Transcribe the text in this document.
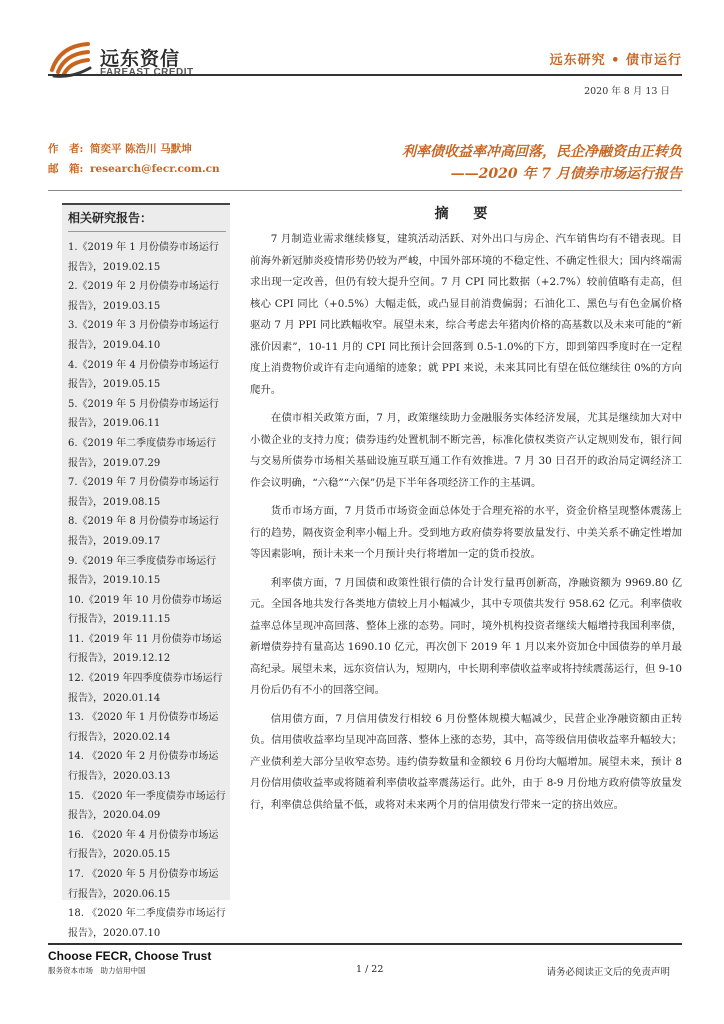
远东资信
FAREAST CREDIT
远东研究 • 债市运行
2020 年 8 月 13 日
作　者: 简奕平 陈浩川 马默坤
邮　箱: research@fecr.com.cn
利率债收益率冲高回落，民企净融资由正转负
——2020 年 7 月债券市场运行报告
相关研究报告：
1.《2019 年 1 月份债券市场运行报告》，2019.02.15
2.《2019 年 2 月份债券市场运行报告》，2019.03.15
3.《2019 年 3 月份债券市场运行报告》，2019.04.10
4.《2019 年 4 月份债券市场运行报告》，2019.05.15
5.《2019 年 5 月份债券市场运行报告》，2019.06.11
6.《2019 年二季度债券市场运行报告》，2019.07.29
7.《2019 年 7 月份债券市场运行报告》，2019.08.15
8.《2019 年 8 月份债券市场运行报告》，2019.09.17
9.《2019 年三季度债券市场运行报告》，2019.10.15
10.《2019 年 10 月份债券市场运行报告》，2019.11.15
11.《2019 年 11 月份债券市场运行报告》，2019.12.12
12.《2019 年四季度债券市场运行报告》，2020.01.14
13. 《2020 年 1 月份债券市场运行报告》，2020.02.14
14. 《2020 年 2 月份债券市场运行报告》，2020.03.13
15. 《2020 年一季度债券市场运行报告》，2020.04.09
16. 《2020 年 4 月份债券市场运行报告》，2020.05.15
17. 《2020 年 5 月份债券市场运行报告》，2020.06.15
18. 《2020 年二季度债券市场运行报告》，2020.07.10
摘 要

7 月制造业需求继续修复，建筑活动活跃、对外出口与房企、汽车销售均有不错表现。目前海外新冠肺炎疫情形势仍较为严峻，中国外部环境的不稳定性、不确定性很大；国内终端需求出现一定改善，但仍有较大提升空间。7 月 CPI 同比数据（+2.7%）较前值略有走高，但核心 CPI 同比（+0.5%）大幅走低，或凸显目前消费偏弱；石油化工、黑色与有色金属价格驱动 7 月 PPI 同比跌幅收窄。展望未来，综合考虑去年猪肉价格的高基数以及未来可能的“新涨价因素”，10-11 月的 CPI 同比预计会回落到 0.5-1.0%的下方，即到第四季度时在一定程度上消费物价或许有走向通缩的迹象；就 PPI 来说，未来其同比有望在低位继续往 0%的方向爬升。

在债市相关政策方面，7 月，政策继续助力金融服务实体经济发展，尤其是继续加大对中小微企业的支持力度；债券违约处置机制不断完善，标准化债权类资产认定规则发布，银行间与交易所债券市场相关基础设施互联互通工作有效推进。7 月 30 日召开的政治局定调经济工作会议明确，“六稳”“六保”仍是下半年各项经济工作的主基调。

货币市场方面，7 月货币市场资金面总体处于合理充裕的水平，资金价格呈现整体震荡上行的趋势，隔夜资金利率小幅上升。受到地方政府债券将要放量发行、中美关系不确定性增加等因素影响，预计未来一个月预计央行将增加一定的货币投放。

利率债方面，7 月国债和政策性银行债的合计发行量再创新高，净融资额为 9969.80 亿元。全国各地共发行各类地方债较上月小幅减少，其中专项债共发行 958.62 亿元。利率债收益率总体呈现冲高回落、整体上涨的态势。同时，境外机构投资者继续大幅增持我国利率债，新增债券持有量高达 1690.10 亿元，再次创下 2019 年 1 月以来外资加仓中国债券的单月最高纪录。展望未来，远东资信认为，短期内，中长期利率债收益率或将持续震荡运行，但 9-10 月份后仍有不小的回落空间。

信用债方面，7 月信用债发行相较 6 月份整体规模大幅减少，民营企业净融资额由正转负。信用债收益率均呈现冲高回落、整体上涨的态势，其中，高等级信用债收益率升幅较大；产业债利差大部分呈收窄态势。违约债券数量和金额较 6 月份均大幅增加。展望未来，预计 8 月份信用债收益率或将随着利率债收益率震荡运行。此外，由于 8-9 月份地方政府债等放量发行，利率债总供给量不低，或将对未来两个月的信用债发行带来一定的挤出效应。

Choose FECR, Choose Trust
服务资本市场　助力信用中国	1 / 22	请务必阅读正文后的免责声明
